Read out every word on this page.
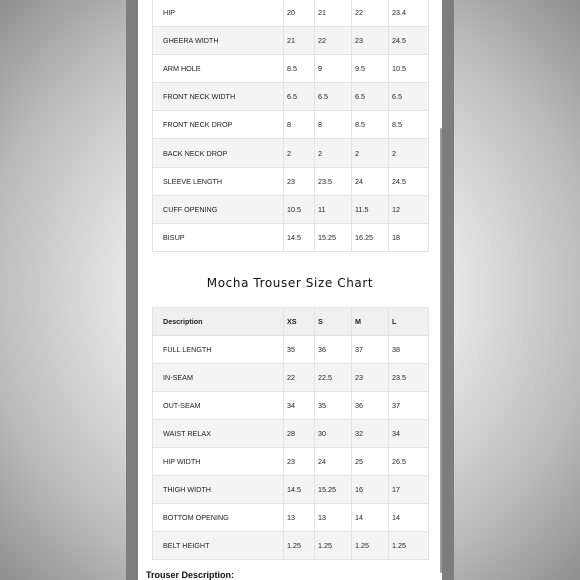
HIP	20	21	22	23.4
GHEERA WIDTH	21	22	23	24.5
ARM HOLE	8.5	9	9.5	10.5
FRONT NECK WIDTH	6.5	6.5	6.5	6.5
FRONT NECK DROP	8	8	8.5	8.5
BACK NECK DROP	2	2	2	2
SLEEVE LENGTH	23	23.5	24	24.5
CUFF OPENING	10.5	11	11.5	12
BISUP	14.5	15.25	16.25	18
Mocha Trouser Size Chart
Description	XS	S	M	L
FULL LENGTH	35	36	37	38
IN-SEAM	22	22.5	23	23.5
OUT-SEAM	34	35	36	37
WAIST RELAX	28	30	32	34
HIP WIDTH	23	24	25	26.5
THIGH WIDTH	14.5	15.25	16	17
BOTTOM OPENING	13	13	14	14
BELT HEIGHT	1.25	1.25	1.25	1.25
Trouser Description:
